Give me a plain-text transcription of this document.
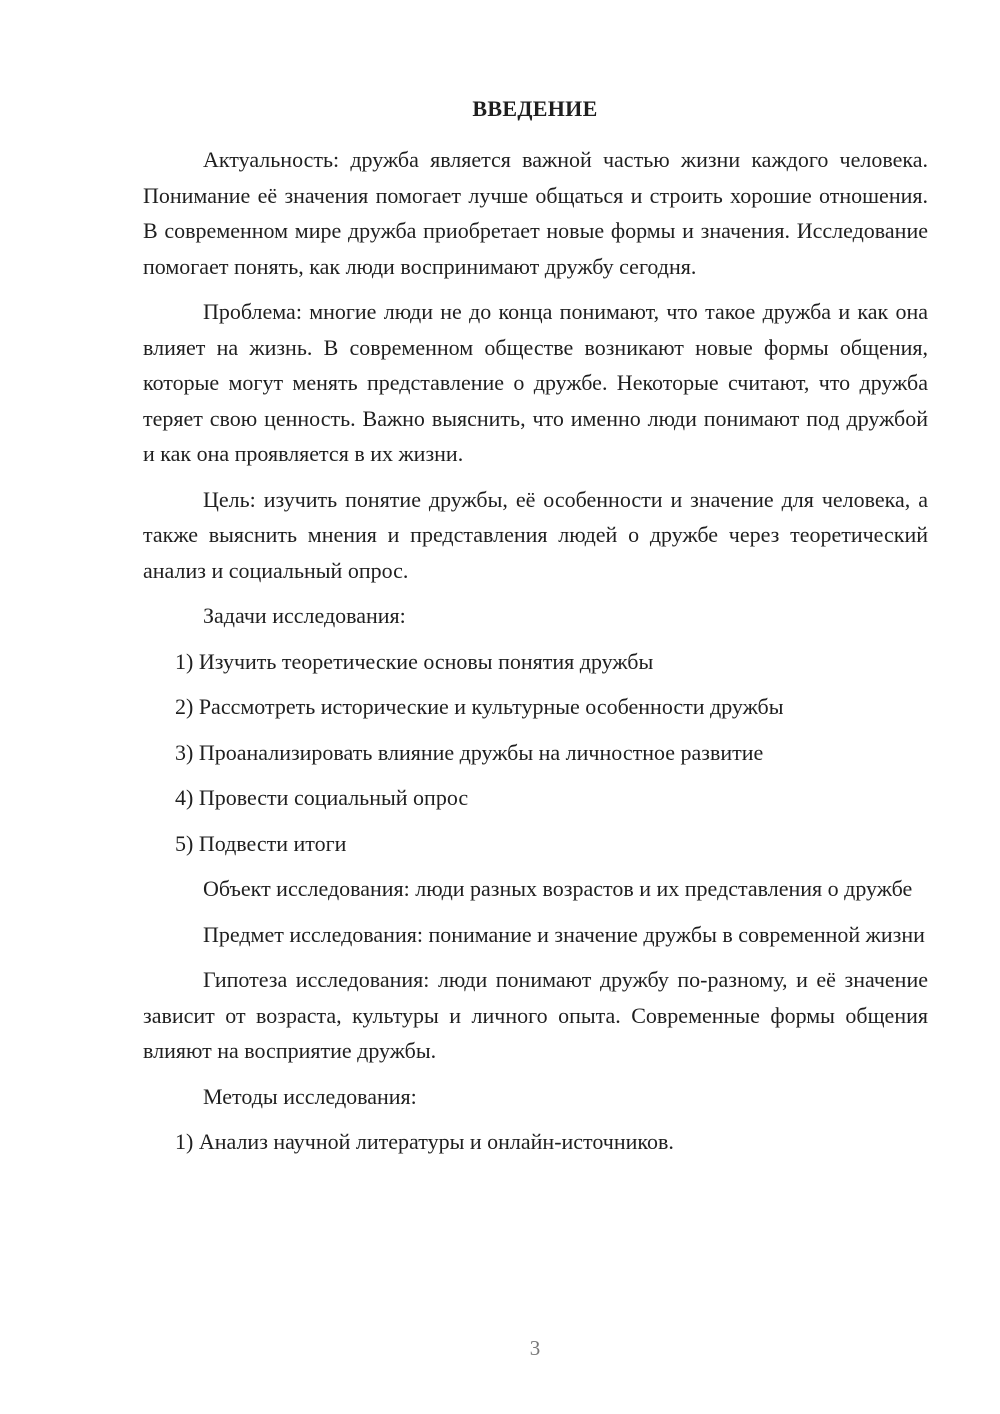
ВВЕДЕНИЕ

Актуальность: дружба является важной частью жизни каждого человека. Понимание её значения помогает лучше общаться и строить хорошие отношения. В современном мире дружба приобретает новые формы и значения. Исследование помогает понять, как люди воспринимают дружбу сегодня.

Проблема: многие люди не до конца понимают, что такое дружба и как она влияет на жизнь. В современном обществе возникают новые формы общения, которые могут менять представление о дружбе. Некоторые считают, что дружба теряет свою ценность. Важно выяснить, что именно люди понимают под дружбой и как она проявляется в их жизни.

Цель: изучить понятие дружбы, её особенности и значение для человека, а также выяснить мнения и представления людей о дружбе через теоретический анализ и социальный опрос.

Задачи исследования:

1) Изучить теоретические основы понятия дружбы

2) Рассмотреть исторические и культурные особенности дружбы

3) Проанализировать влияние дружбы на личностное развитие

4) Провести социальный опрос

5) Подвести итоги

Объект исследования: люди разных возрастов и их представления о дружбе

Предмет исследования: понимание и значение дружбы в современной жизни

Гипотеза исследования: люди понимают дружбу по-разному, и её значение зависит от возраста, культуры и личного опыта. Современные формы общения влияют на восприятие дружбы.

Методы исследования:

1) Анализ научной литературы и онлайн-источников.

3
